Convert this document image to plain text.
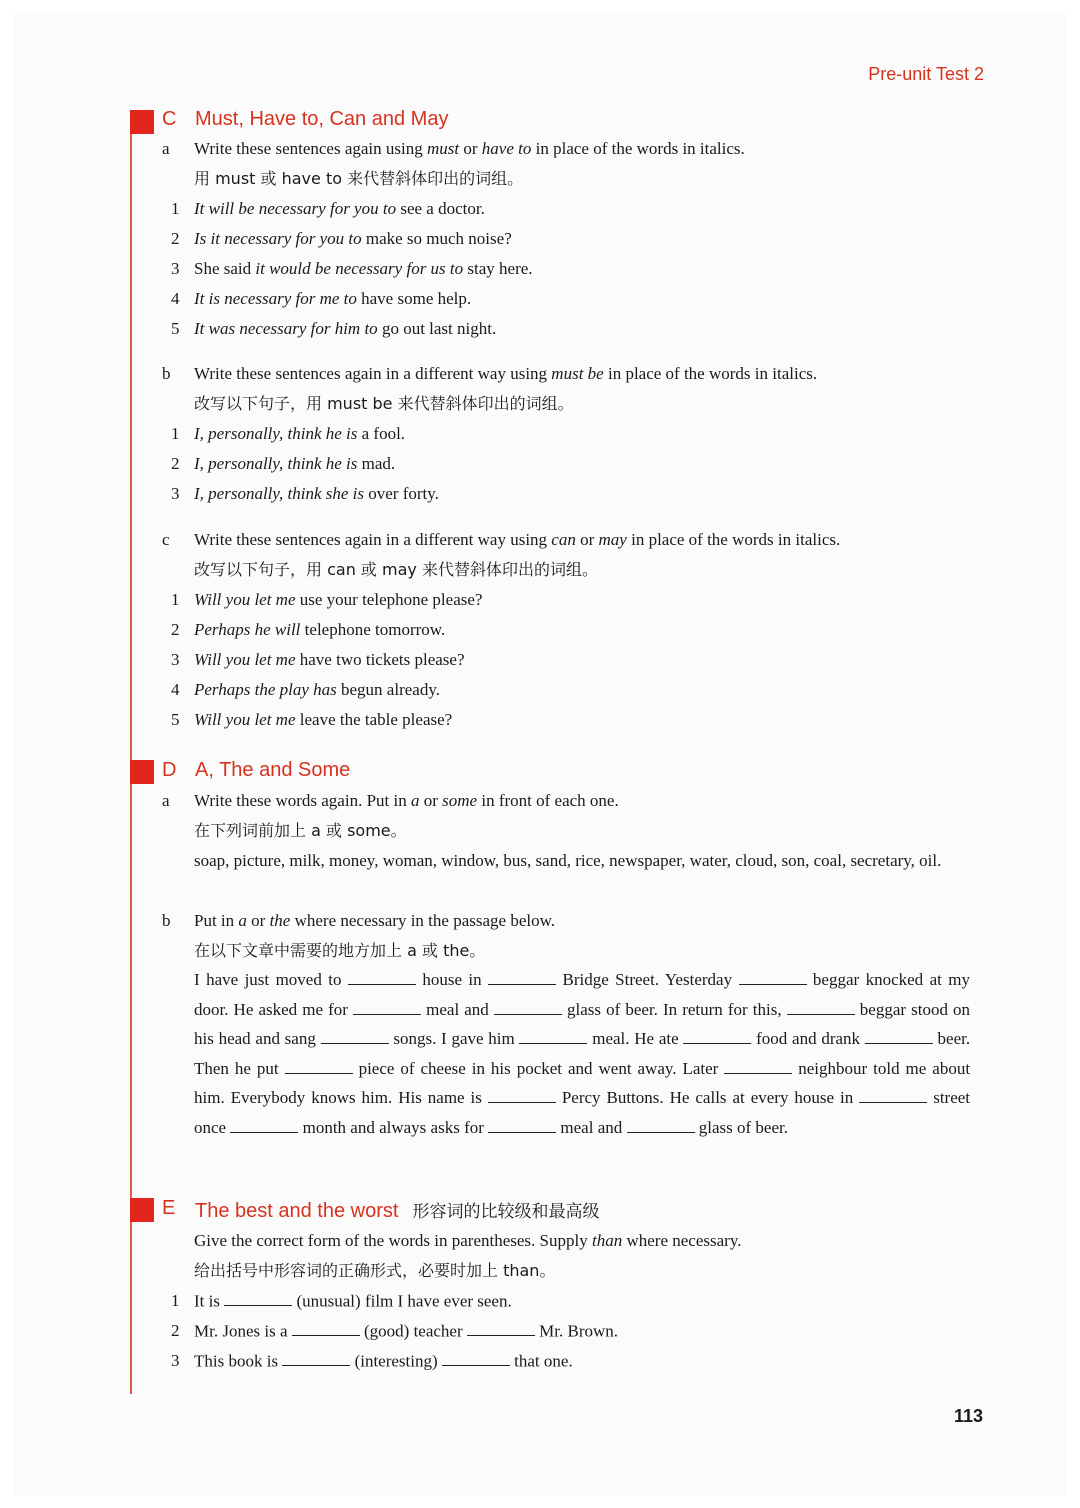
Pre-unit Test 2
C Must, Have to, Can and May
a Write these sentences again using must or have to in place of the words in italics.
用 must 或 have to 来代替斜体印出的词组。
1 It will be necessary for you to see a doctor.
2 Is it necessary for you to make so much noise?
3 She said it would be necessary for us to stay here.
4 It is necessary for me to have some help.
5 It was necessary for him to go out last night.
b Write these sentences again in a different way using must be in place of the words in italics.
改写以下句子，用 must be 来代替斜体印出的词组。
1 I, personally, think he is a fool.
2 I, personally, think he is mad.
3 I, personally, think she is over forty.
c Write these sentences again in a different way using can or may in place of the words in italics.
改写以下句子，用 can 或 may 来代替斜体印出的词组。
1 Will you let me use your telephone please?
2 Perhaps he will telephone tomorrow.
3 Will you let me have two tickets please?
4 Perhaps the play has begun already.
5 Will you let me leave the table please?
D A, The and Some
a Write these words again. Put in a or some in front of each one.
在下列词前加上 a 或 some。
soap, picture, milk, money, woman, window, bus, sand, rice, newspaper, water, cloud, son, coal, secretary, oil.
b Put in a or the where necessary in the passage below.
在以下文章中需要的地方加上 a 或 the。
I have just moved to	house in	Bridge Street. Yesterday	beggar knocked at my door. He asked me for	meal and	glass of beer. In return for this,	beggar stood on his head and sang	songs. I gave him	meal. He ate	food and drank	beer. Then he put	piece of cheese in his pocket and went away. Later	neighbour told me about him. Everybody knows him. His name is	Percy Buttons. He calls at every house in	street once	month and always asks for	meal and	glass of beer.
E The best and the worst 形容词的比较级和最高级
Give the correct form of the words in parentheses. Supply than where necessary.
给出括号中形容词的正确形式，必要时加上 than。
1 It is	(unusual) film I have ever seen.
2 Mr. Jones is a	(good) teacher	Mr. Brown.
3 This book is	(interesting)	that one.
113
